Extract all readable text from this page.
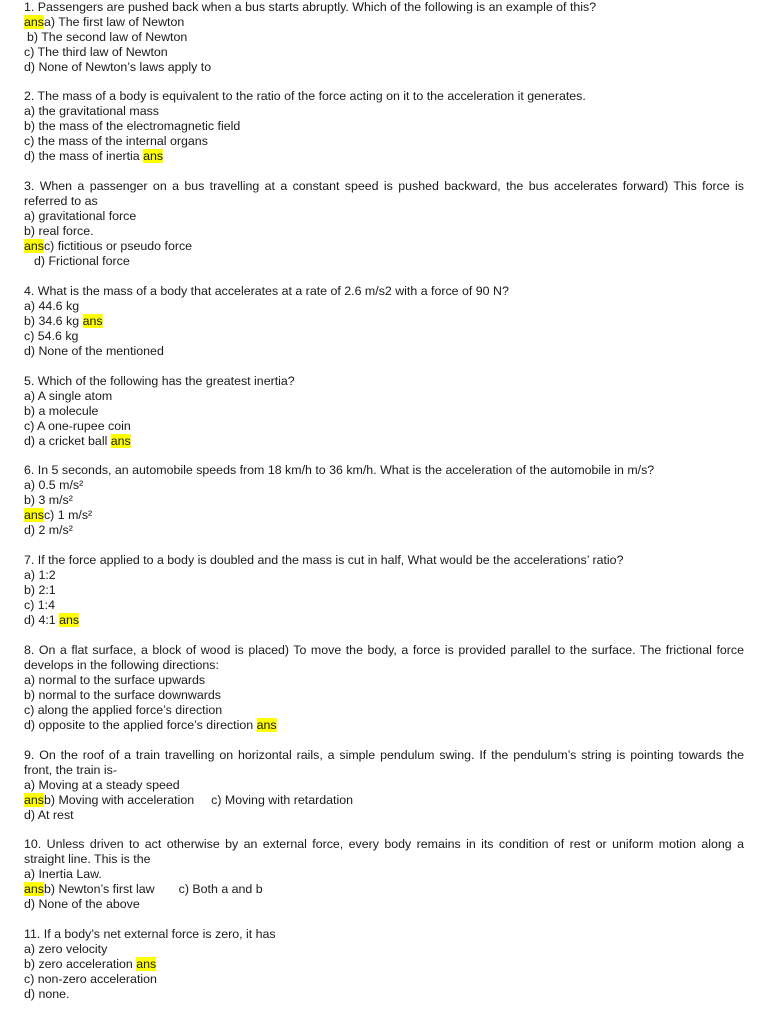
1. Passengers are pushed back when a bus starts abruptly. Which of the following is an example of this?
ansa) The first law of Newton
b) The second law of Newton
c) The third law of Newton
d) None of Newton’s laws apply to
2. The mass of a body is equivalent to the ratio of the force acting on it to the acceleration it generates.
a) the gravitational mass
b) the mass of the electromagnetic field
c) the mass of the internal organs
d) the mass of inertia ans
3. When a passenger on a bus travelling at a constant speed is pushed backward, the bus accelerates forward) This force is referred to as
a) gravitational force
b) real force.
ansc) fictitious or pseudo force
d) Frictional force
4. What is the mass of a body that accelerates at a rate of 2.6 m/s2 with a force of 90 N?
a) 44.6 kg
b) 34.6 kg ans
c) 54.6 kg
d) None of the mentioned
5. Which of the following has the greatest inertia?
a) A single atom
b) a molecule
c) A one-rupee coin
d) a cricket ball ans
6. In 5 seconds, an automobile speeds from 18 km/h to 36 km/h. What is the acceleration of the automobile in m/s?
a) 0.5 m/s²
b) 3 m/s²
ansc) 1 m/s²
d) 2 m/s²
7. If the force applied to a body is doubled and the mass is cut in half, What would be the accelerations’ ratio?
a) 1:2
b) 2:1
c) 1:4
d) 4:1 ans
8. On a flat surface, a block of wood is placed) To move the body, a force is provided parallel to the surface. The frictional force develops in the following directions:
a) normal to the surface upwards
b) normal to the surface downwards
c) along the applied force’s direction
d) opposite to the applied force’s direction ans
9. On the roof of a train travelling on horizontal rails, a simple pendulum swing. If the pendulum’s string is pointing towards the front, the train is-
a) Moving at a steady speed
ansb) Moving with acceleration c) Moving with retardation
d) At rest
10. Unless driven to act otherwise by an external force, every body remains in its condition of rest or uniform motion along a straight line. This is the
a) Inertia Law.
ansb) Newton’s first law c) Both a and b
d) None of the above
11. If a body’s net external force is zero, it has
a) zero velocity
b) zero acceleration ans
c) non-zero acceleration
d) none.
